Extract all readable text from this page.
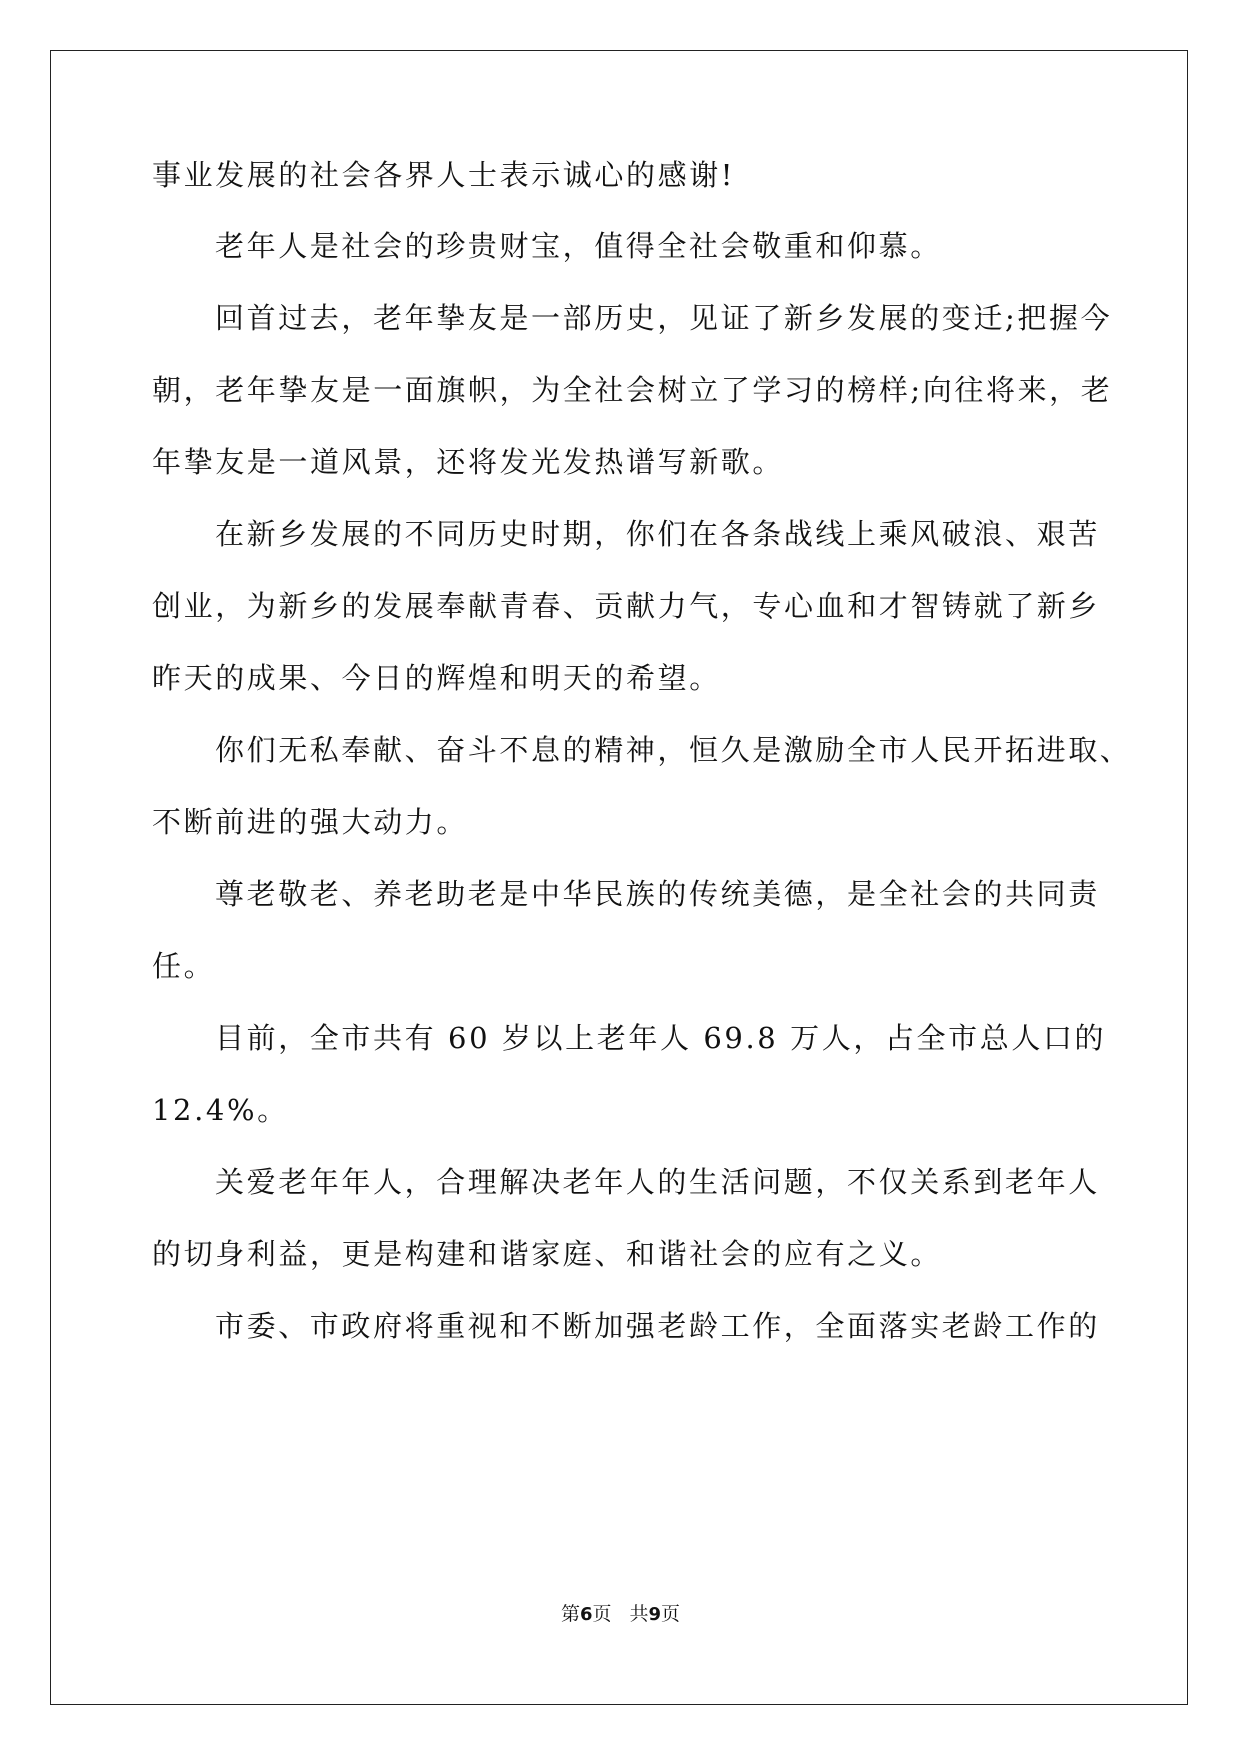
事业发展的社会各界人士表示诚心的感谢!
老年人是社会的珍贵财宝，值得全社会敬重和仰慕。
回首过去，老年挚友是一部历史，见证了新乡发展的变迁;把握今
朝，老年挚友是一面旗帜，为全社会树立了学习的榜样;向往将来，老
年挚友是一道风景，还将发光发热谱写新歌。
在新乡发展的不同历史时期，你们在各条战线上乘风破浪、艰苦
创业，为新乡的发展奉献青春、贡献力气，专心血和才智铸就了新乡
昨天的成果、今日的辉煌和明天的希望。
你们无私奉献、奋斗不息的精神，恒久是激励全市人民开拓进取、
不断前进的强大动力。
尊老敬老、养老助老是中华民族的传统美德，是全社会的共同责
任。
目前，全市共有 60 岁以上老年人 69.8 万人，占全市总人口的
12.4%。
关爱老年年人，合理解决老年人的生活问题，不仅关系到老年人
的切身利益，更是构建和谐家庭、和谐社会的应有之义。
市委、市政府将重视和不断加强老龄工作，全面落实老龄工作的
第6页 共9页
